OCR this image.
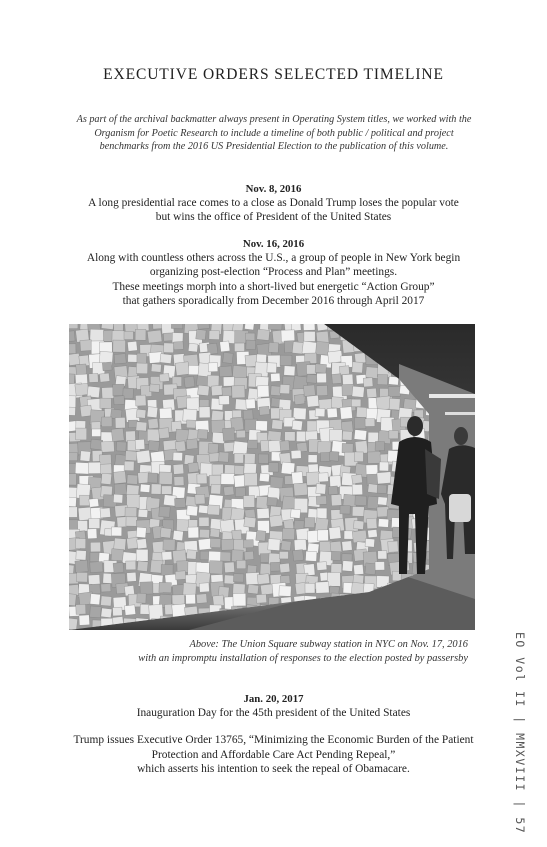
EXECUTIVE ORDERS SELECTED TIMELINE
As part of the archival backmatter always present in Operating System titles, we worked with the
Organism for Poetic Research to include a timeline of both public / political and project
benchmarks from the 2016 US Presidential Election to the publication of this volume.
Nov. 8, 2016
A long presidential race comes to a close as Donald Trump loses the popular vote
but wins the office of President of the United States
Nov. 16, 2016
Along with countless others across the U.S., a group of people in New York begin
organizing post-election “Process and Plan” meetings.
These meetings morph into a short-lived but energetic “Action Group”
that gathers sporadically from December 2016 through April 2017
Above: The Union Square subway station in NYC on Nov. 17, 2016
with an impromptu installation of responses to the election posted by passersby
Jan. 20, 2017
Inauguration Day for the 45th president of the United States
Trump issues Executive Order 13765, “Minimizing the Economic Burden of the Patient
Protection and Affordable Care Act Pending Repeal,”
which asserts his intention to seek the repeal of Obamacare.	EO Vol II | MMXVIII | 57
